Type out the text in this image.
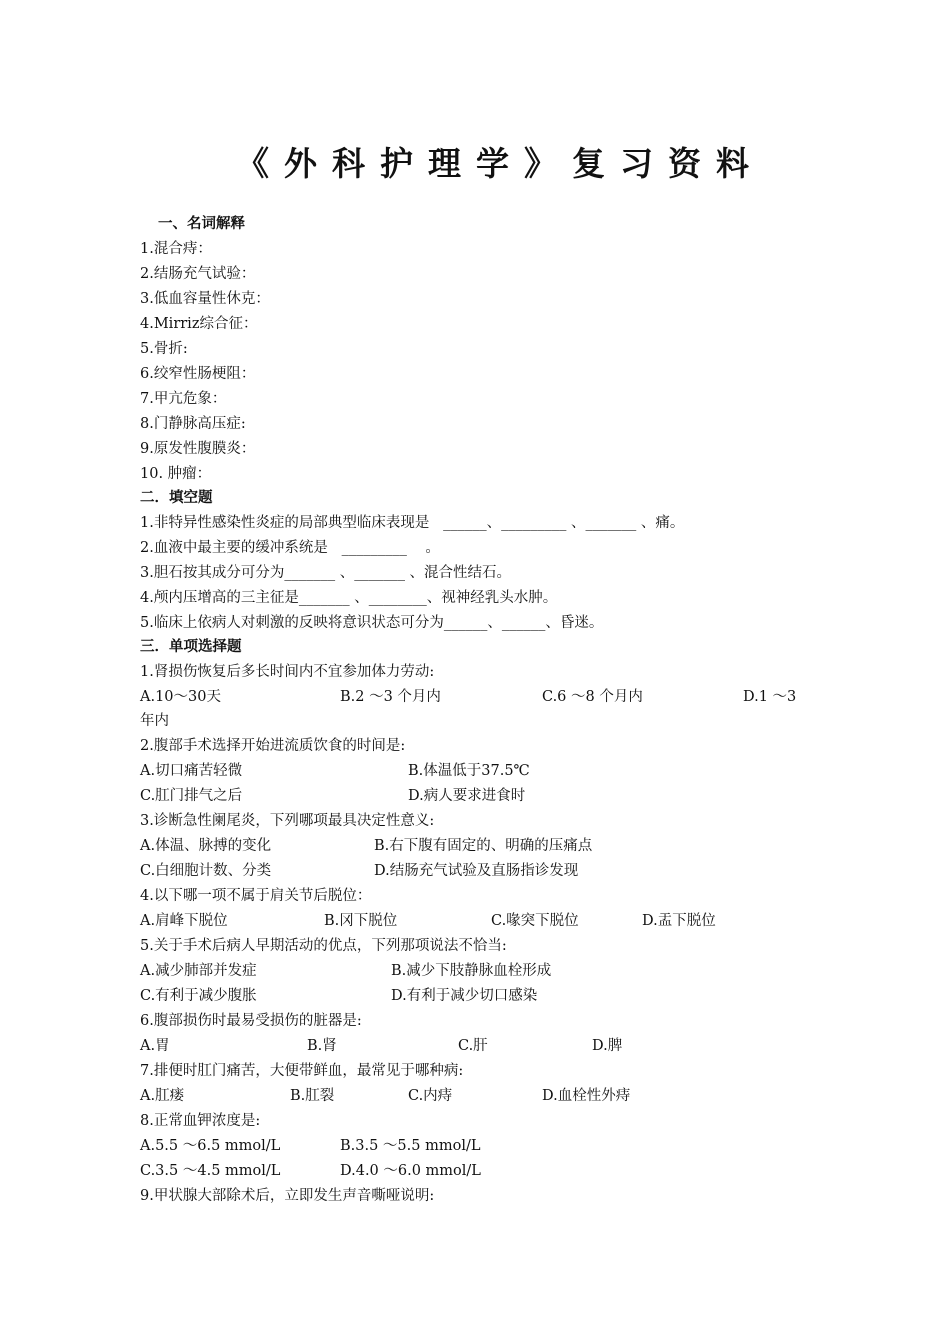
《外科护理学》复习资料
一、名词解释
1.混合痔：
2.结肠充气试验：
3.低血容量性休克：
4.Mirriz综合征：
5.骨折:
6.绞窄性肠梗阻：
7.甲亢危象：
8.门静脉高压症:
9.原发性腹膜炎：
10. 肿瘤：
二．填空题
1.非特异性感染性炎症的局部典型临床表现是   ______、_________ 、_______ 、痛。
2.血液中最主要的缓冲系统是   _________    。
3.胆石按其成分可分为_______ 、_______ 、混合性结石。
4.颅内压增高的三主征是_______ 、________、视神经乳头水肿。
5.临床上依病人对刺激的反映将意识状态可分为______、______、昏迷。
三．单项选择题
1.肾损伤恢复后多长时间内不宜参加体力劳动:
A.10～30天	B.2 ～3 个月内	C.6 ～8 个月内	D.1 ～3
年内
2.腹部手术选择开始进流质饮食的时间是:
A.切口痛苦轻微	B.体温低于37.5℃
C.肛门排气之后	D.病人要求进食时
3.诊断急性阑尾炎，下列哪项最具决定性意义:
A.体温、脉搏的变化	B.右下腹有固定的、明确的压痛点
C.白细胞计数、分类	D.结肠充气试验及直肠指诊发现
4.以下哪一项不属于肩关节后脱位：
A.肩峰下脱位	B.冈下脱位	C.喙突下脱位	D.盂下脱位
5.关于手术后病人早期活动的优点，下列那项说法不恰当:
A.减少肺部并发症	B.减少下肢静脉血栓形成
C.有利于减少腹胀	D.有利于减少切口感染
6.腹部损伤时最易受损伤的脏器是:
A.胃	B.肾	C.肝	D.脾
7.排便时肛门痛苦，大便带鲜血，最常见于哪种病:
A.肛瘘	B.肛裂	C.内痔	D.血栓性外痔
8.正常血钾浓度是:
A.5.5 ～6.5 mmol/L	B.3.5 ～5.5 mmol/L
C.3.5 ～4.5 mmol/L	D.4.0 ～6.0 mmol/L
9.甲状腺大部除术后，立即发生声音嘶哑说明:
